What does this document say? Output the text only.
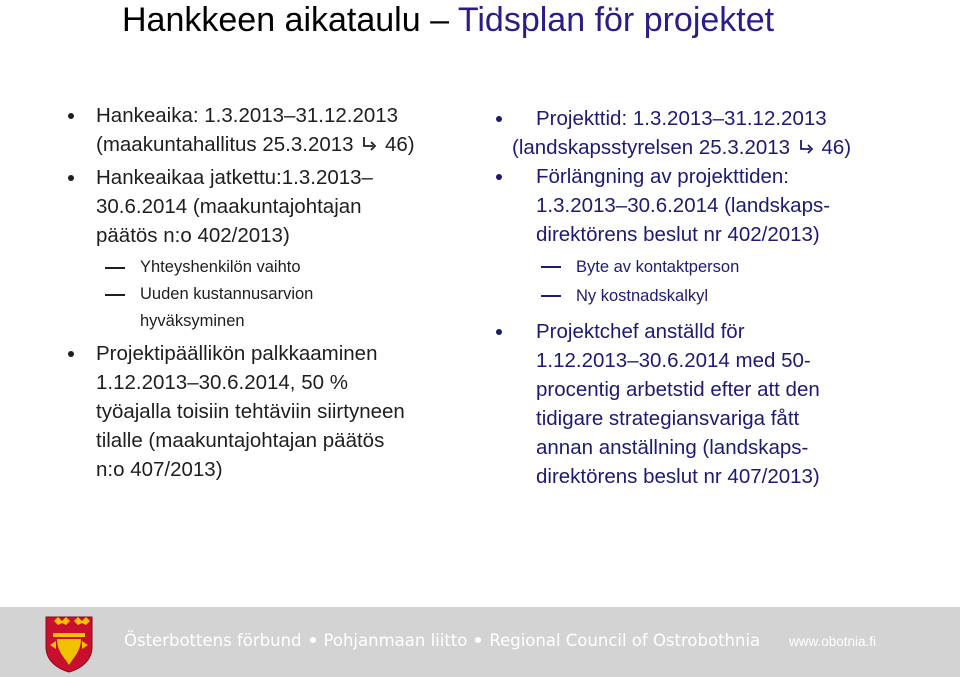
Hankkeen aikataulu – Tidsplan för projektet
Hankeaika: 1.3.2013–31.12.2013
(maakuntahallitus 25.3.2013 46)
Hankeaikaa jatkettu:1.3.2013–
30.6.2014 (maakuntajohtajan
päätös n:o 402/2013)
Yhteyshenkilön vaihto
Uuden kustannusarvion
hyväksyminen
Projektipäällikön palkkaaminen
1.12.2013–30.6.2014, 50 %
työajalla toisiin tehtäviin siirtyneen
tilalle (maakuntajohtajan päätös
n:o 407/2013)
Projekttid: 1.3.2013–31.12.2013
(landskapsstyrelsen 25.3.2013 46)
Förlängning av projekttiden:
1.3.2013–30.6.2014 (landskaps-
direktörens beslut nr 402/2013)
Byte av kontaktperson
Ny kostnadskalkyl
Projektchef anställd för
1.12.2013–30.6.2014 med 50-
procentig arbetstid efter att den
tidigare strategiansvariga fått
annan anställning (landskaps-
direktörens beslut nr 407/2013)
Österbottens förbund Pohjanmaan liitto Regional Council of Ostrobothnia www.obotnia.fi
